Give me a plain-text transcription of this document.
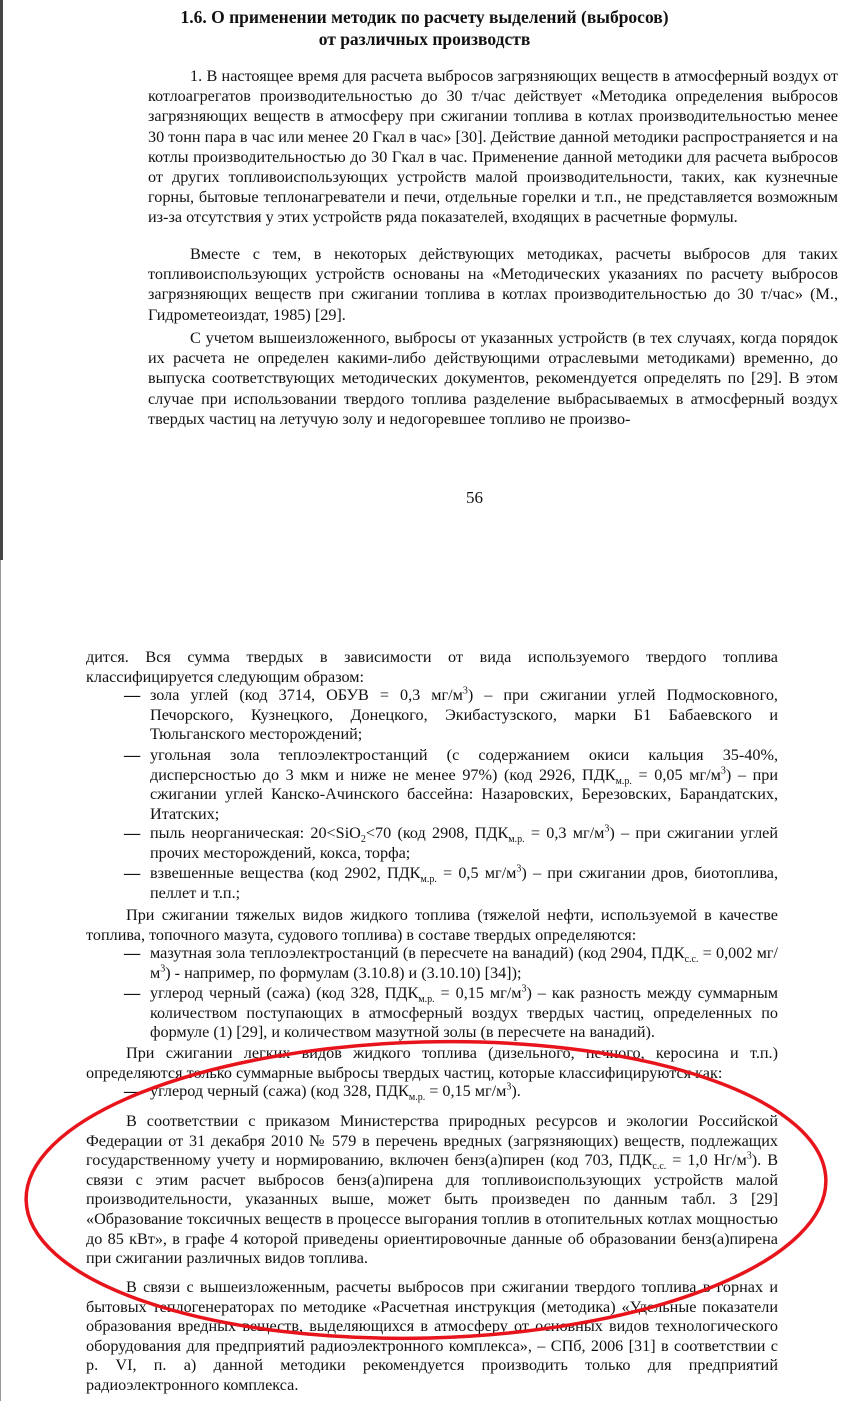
1.6. О применении методик по расчету выделений (выбросов)
от различных производств

1. В настоящее время для расчета выбросов загрязняющих веществ в атмосферный воздух от котлоагрегатов производительностью до 30 т/час действует «Методика определения выбросов загрязняющих веществ в атмосферу при сжигании топлива в котлах производительностью менее 30 тонн пара в час или менее 20 Гкал в час» [30]. Действие данной методики распространяется и на котлы производительностью до 30 Гкал в час. Применение данной методики для расчета выбросов от других топливоиспользующих устройств малой производительности, таких, как кузнечные горны, бытовые теплонагреватели и печи, отдельные горелки и т.п., не представляется возможным из-за отсутствия у этих устройств ряда показателей, входящих в расчетные формулы.

Вместе с тем, в некоторых действующих методиках, расчеты выбросов для таких топливоиспользующих устройств основаны на «Методических указаниях по расчету выбросов загрязняющих веществ при сжигании топлива в котлах производительностью до 30 т/час» (М., Гидрометеоиздат, 1985) [29].

С учетом вышеизложенного, выбросы от указанных устройств (в тех случаях, когда порядок их расчета не определен какими-либо действующими отраслевыми методиками) временно, до выпуска соответствующих методических документов, рекомендуется определять по [29]. В этом случае при использовании твердого топлива разделение выбрасываемых в атмосферный воздух твердых частиц на летучую золу и недогоревшее топливо не произво-

56

дится. Вся сумма твердых в зависимости от вида используемого твердого топлива классифицируется следующим образом:

— зола углей (код 3714, ОБУВ = 0,3 $мг/м^3$) – при сжигании углей Подмосковного, Печорского, Кузнецкого, Донецкого, Экибастузского, марки Б1 Бабаевского и Тюльганского месторождений;

— угольная зола теплоэлектростанций (с содержанием окиси кальция 35-40%, дисперсностью до 3 мкм и ниже не менее 97%) (код 2926, $ПДК_{м.р.} = 0,05$ $мг/м^3$) – при сжигании углей Канско-Ачинского бассейна: Назаровских, Березовских, Барандатских, Итатских;

— пыль неорганическая: 20<SiO$_2$<70 (код 2908, $ПДК_{м.р.} = 0,3$ $мг/м^3$) – при сжигании углей прочих месторождений, кокса, торфа;

— взвешенные вещества (код 2902, $ПДК_{м.р.} = 0,5$ $мг/м^3$) – при сжигании дров, биотоплива, пеллет и т.п.;

При сжигании тяжелых видов жидкого топлива (тяжелой нефти, используемой в качестве топлива, топочного мазута, судового топлива) в составе твердых определяются:

— мазутная зола теплоэлектростанций (в пересчете на ванадий) (код 2904, $ПДК_{с.с.} = 0,002$ $мг/м^3$) - например, по формулам (3.10.8) и (3.10.10) [34]);

— углерод черный (сажа) (код 328, $ПДК_{м.р.} = 0,15$ $мг/м^3$) – как разность между суммарным количеством поступающих в атмосферный воздух твердых частиц, определенных по формуле (1) [29], и количеством мазутной золы (в пересчете на ванадий).

При сжигании легких видов жидкого топлива (дизельного, печного, керосина и т.п.) определяются только суммарные выбросы твердых частиц, которые классифицируются как:

— углерод черный (сажа) (код 328, $ПДК_{м.р.} = 0,15$ $мг/м^3$).

В соответствии с приказом Министерства природных ресурсов и экологии Российской Федерации от 31 декабря 2010 № 579 в перечень вредных (загрязняющих) веществ, подлежащих государственному учету и нормированию, включен бенз(а)пирен (код 703, $ПДК_{с.с.} = 1,0$ $Нг/м^3$). В связи с этим расчет выбросов бенз(а)пирена для топливоиспользующих устройств малой производительности, указанных выше, может быть произведен по данным табл. 3 [29] «Образование токсичных веществ в процессе выгорания топлив в отопительных котлах мощностью до 85 кВт», в графе 4 которой приведены ориентировочные данные об образовании бенз(а)пирена при сжигании различных видов топлива.

В связи с вышеизложенным, расчеты выбросов при сжигании твердого топлива в горнах и бытовых теплогенераторах по методике «Расчетная инструкция (методика) «Удельные показатели образования вредных веществ, выделяющихся в атмосферу от основных видов технологического оборудования для предприятий радиоэлектронного комплекса», – СПб, 2006 [31] в соответствии с р. VI, п. а) данной методики рекомендуется производить только для предприятий радиоэлектронного комплекса.
